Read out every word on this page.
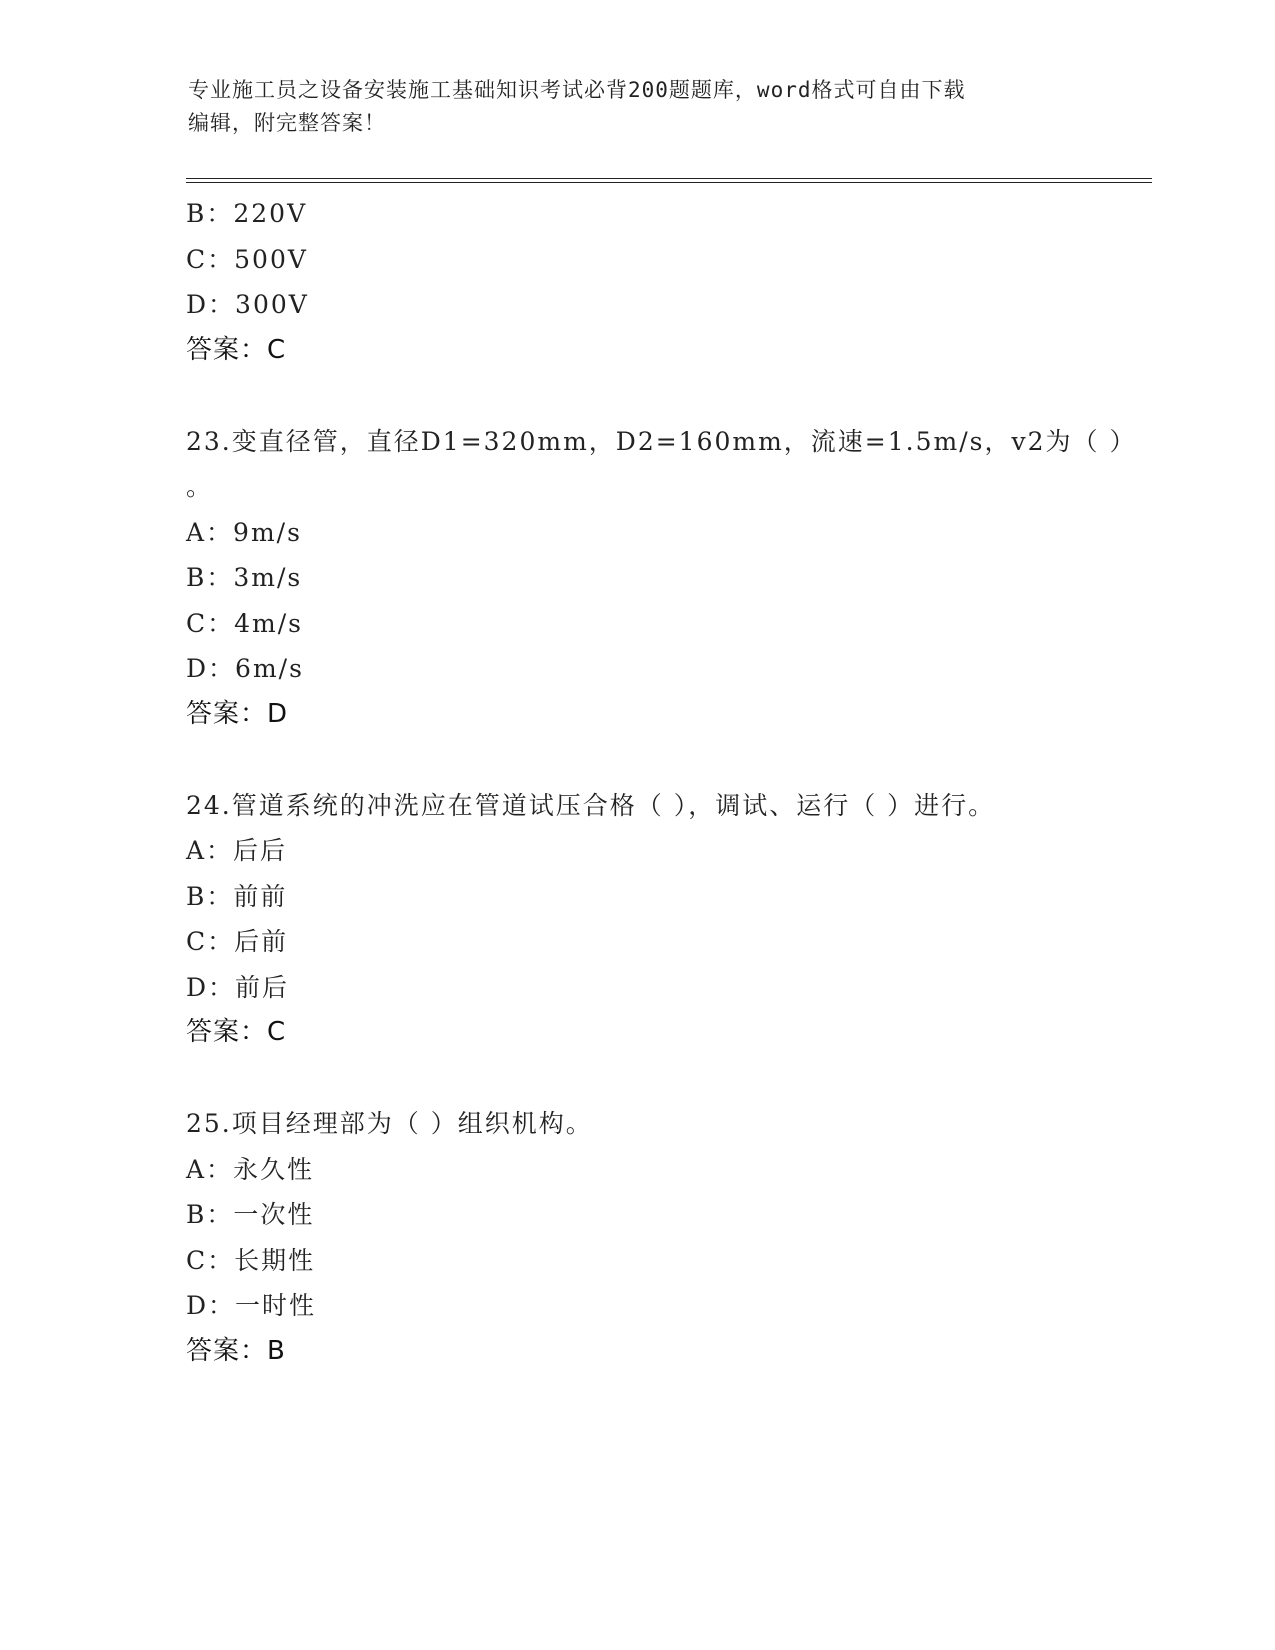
专业施工员之设备安装施工基础知识考试必背200题题库，word格式可自由下载
编辑，附完整答案！
B：220V
C：500V
D：300V
答案：C
23.变直径管，直径D1=320mm，D2=160mm，流速=1.5m/s，v2为（ ）
。
A：9m/s
B：3m/s
C：4m/s
D：6m/s
答案：D
24.管道系统的冲洗应在管道试压合格（ ），调试、运行（ ）进行。
A：后后
B：前前
C：后前
D：前后
答案：C
25.项目经理部为（ ）组织机构。
A：永久性
B：一次性
C：长期性
D：一时性
答案：B
